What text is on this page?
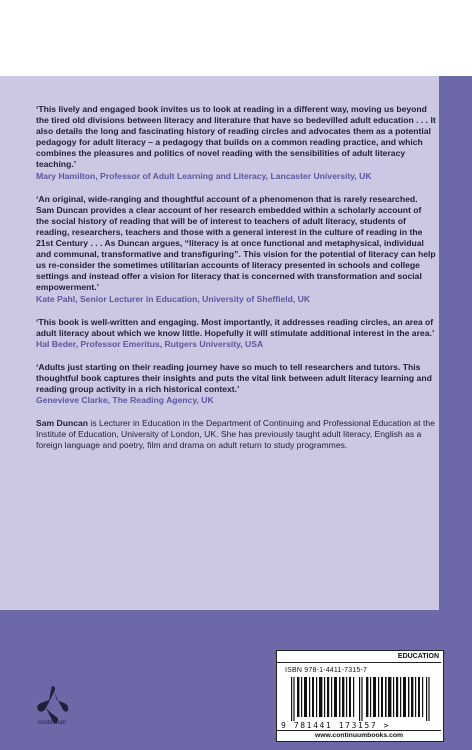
‘This lively and engaged book invites us to look at reading in a different way, moving us beyond the tired old divisions between literacy and literature that have so bedevilled adult education . . . It also details the long and fascinating history of reading circles and advocates them as a potential pedagogy for adult literacy – a pedagogy that builds on a common reading practice, and which combines the pleasures and politics of novel reading with the sensibilities of adult literacy teaching.’

Mary Hamilton, Professor of Adult Learning and Literacy, Lancaster University, UK

‘An original, wide-ranging and thoughtful account of a phenomenon that is rarely researched. Sam Duncan provides a clear account of her research embedded within a scholarly account of the social history of reading that will be of interest to teachers of adult literacy, students of reading, researchers, teachers and those with a general interest in the culture of reading in the 21st Century . . . As Duncan argues, “literacy is at once functional and metaphysical, individual and communal, transformative and transfiguring”. This vision for the potential of literacy can help us re-consider the sometimes utilitarian accounts of literacy presented in schools and college settings and instead offer a vision for literacy that is concerned with transformation and social empowerment.’

Kate Pahl, Senior Lecturer in Education, University of Sheffield, UK

‘This book is well-written and engaging. Most importantly, it addresses reading circles, an area of adult literacy about which we know little. Hopefully it will stimulate additional interest in the area.’

Hal Beder, Professor Emeritus, Rutgers University, USA

‘Adults just starting on their reading journey have so much to tell researchers and tutors. This thoughtful book captures their insights and puts the vital link between adult literacy learning and reading group activity in a rich historical context.’

Genevieve Clarke, The Reading Agency, UK

Sam Duncan is Lecturer in Education in the Department of Continuing and Professional Education at the Institute of Education, University of London, UK. She has previously taught adult literacy, English as a foreign language and poetry, film and drama on adult return to study programmes.

continuum
EDUCATION
ISBN 978-1-4411-7315-7
9 781441 173157 >
www.continuumbooks.com
